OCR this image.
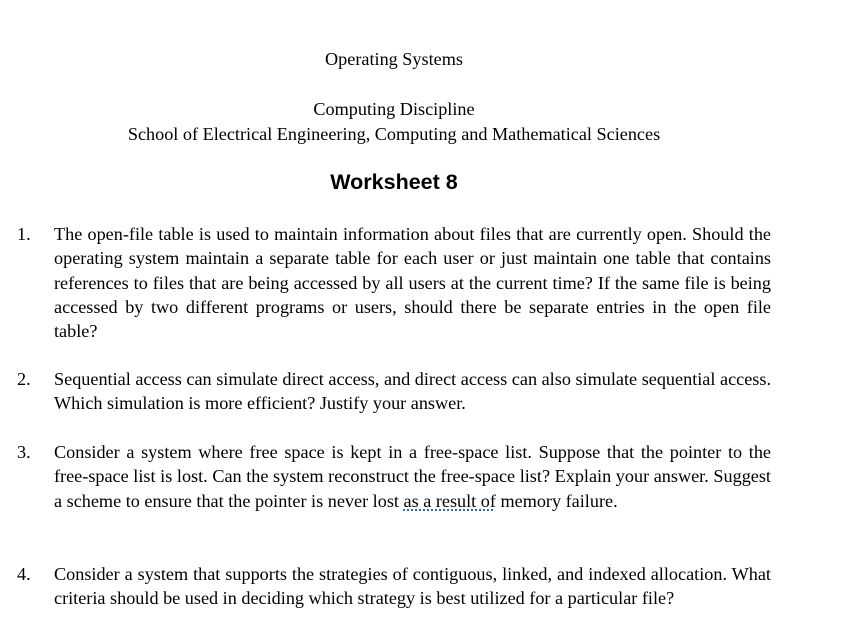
Operating Systems
Computing Discipline
School of Electrical Engineering, Computing and Mathematical Sciences
Worksheet 8
1. The open-file table is used to maintain information about files that are currently open. Should the operating system maintain a separate table for each user or just maintain one table that contains references to files that are being accessed by all users at the current time? If the same file is being accessed by two different programs or users, should there be separate entries in the open file table?
2. Sequential access can simulate direct access, and direct access can also simulate sequential access. Which simulation is more efficient? Justify your answer.
3. Consider a system where free space is kept in a free-space list. Suppose that the pointer to the free-space list is lost. Can the system reconstruct the free-space list? Explain your answer. Suggest a scheme to ensure that the pointer is never lost as a result of memory failure.
4. Consider a system that supports the strategies of contiguous, linked, and indexed allocation. What criteria should be used in deciding which strategy is best utilized for a particular file?
